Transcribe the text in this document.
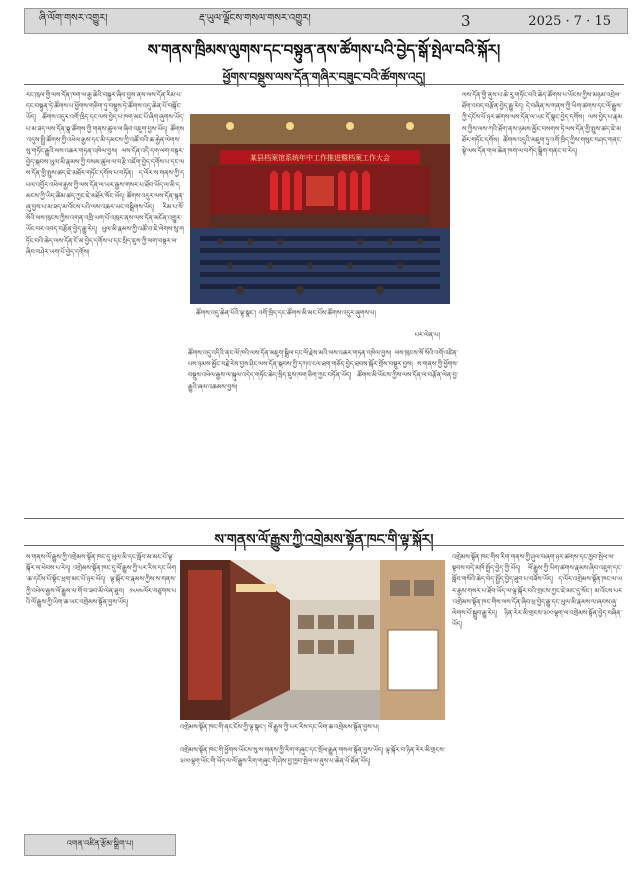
ཞི་ལོག་གསར་འགྱུར།	རྡ་ཡུལ་ལྗོངས་གསལ་གསར་འགྱུར།	3	2025 · 7 · 15
ས་གནས་ཁྲིམས་ལུགས་དང་བསྟུན་ནས་ཚོགས་པའི་བྱེད་སྒོ་སྤེལ་བའི་སྐོར།
ཕྱོགས་བསྡུས་ལས་དོན་གཞིར་བཟུང་བའི་ཚོགས་འདུ།
རང་ཁུལ་གྱི་ལས་དོན་ཁག་ལ་རྒྱ་ཆེའི་བསྐྱར་ཞིབ་བྱས་ནས་ལས་དོན་རིམ་པ་དང་བསྟུན་ཏེ་ཚོགས་པ་ཕྱོགས་གཅིག་ཏུ་བསྡུས་ཏེ་ཚོགས་འདུ་ཆེན་པོ་བསྐོང་ཡོད། ཚོགས་འདུར་འགོ་ཁྲིད་དང་ལས་བྱེད་པ་ཁག་མང་པོ་ཞིག་ཞུགས་ཡོད་པ་མ་ཟད་ལས་དོན་སྣ་ཚོགས་ཀྱི་གནས་ཚུལ་ལ་ཞིབ་འཇུག་བྱས་ཡོད། ཚོགས་འདུས་སྤྱི་ཚོགས་ཀྱི་འཕེལ་རྒྱས་དང་མི་དམངས་ཀྱི་འཚོ་བའི་ཆ་རྐྱེན་ལེགས་སུ་གཏོང་རྒྱུའི་ལས་འཆར་གཏན་འཁེལ་བྱས། ལས་དོན་འདི་དག་ལག་བསྟར་བྱེད་སྐབས་ཡུལ་མི་རྣམས་ཀྱི་བསམ་ཚུལ་ལ་བརྩི་འཇོག་བྱེད་དགོས་པ་དང་ལས་དོན་གྱི་སྤུས་ཚད་ཇེ་མཐོར་གཏོང་དགོས་པ་བཏོན། ད་ལོར་ས་གནས་ཀྱི་དཔལ་འབྱོར་འཕེལ་རྒྱས་ཀྱི་ལས་དོན་ལ་ཡར་རྒྱས་གསར་པ་ཐོབ་ཡོད་ལ་མི་དམངས་ཀྱི་ཡིད་ཚིམ་ཚད་ཀྱང་ཇེ་མཐོར་སོང་ཡོད། ཚོགས་འདུར་ལས་དོན་སྙན་ཞུ་བྱས་པ་མ་ཟད་མ་འོངས་པའི་ལས་འཆར་ཡང་བསྒྲིགས་ཡོད། རིམ་པ་སོ་སོའི་ལས་ཁུངས་ཀྱིས་འགན་འཁྲི་ཡག་པོ་འཁུར་ནས་ལས་དོན་མངོན་འགྱུར་ཡོང་བར་འབད་བརྩོན་བྱེད་རྒྱུ་རེད། ཡུལ་མི་རྣམས་ཀྱི་འཚོ་བ་ཇེ་ལེགས་སུ་གཏོང་བའི་ཆེད་ལས་དོན་ངོ་མ་བྱེད་དགོས་པ་དང་སྲིད་ཇུས་ཀྱི་ལག་བསྟར་ལ་ཞིབ་བཤེར་ཡག་པོ་བྱེད་དགོས།
某县档案馆系统年中工作推进暨档案工作大会
ཚོགས་འདུ་ཆེན་པོའི་ལྟ་སྣང་། འགོ་ཁྲིད་དང་ཚོགས་མི་མང་པོས་ཚོགས་འདུར་ཞུགས་པ།
པར་ལེན་པ།
ཚོགས་འདུ་འདིའི་ནང་ལོ་ཁའི་ལས་དོན་མཇུག་སྒྲིལ་དང་ལོ་རྗེས་མའི་ལས་འཆར་གཏན་འཁེལ་བྱས། ལས་ཁུངས་སོ་སོའི་འགོ་འཛིན་པས་ཉམས་མྱོང་བརྗེ་རེས་བྱས་ཤིང་ལས་དོན་སྐབས་ཀྱི་དཀའ་ངལ་ཐག་གཅོད་བྱེད་ཐབས་སྐོར་གྲོས་བསྡུར་བྱས། ས་གནས་ཀྱི་ཕྱོགས་བསྡུས་འཕེལ་རྒྱས་ལ་སྐུལ་འདེད་གཏོང་ཆེད་སྲིད་ཇུས་ཁག་ཅིག་ཀྱང་བཏོན་ཡོད། ཚོགས་མི་ཡོངས་ཀྱིས་ལས་དོན་ལ་བརྩོན་ལེན་བྱ་རྒྱུའི་ཞལ་འཆམས་བྱས།
ལས་དོན་གྱི་ནུས་པ་ཆེ་རུ་གཏོང་བའི་ཆེད་ཚོགས་པ་ཡོངས་ཀྱིས་མཉམ་འབྲེལ་ཐོག་འབད་བརྩོན་བྱེད་རྒྱུ་རེད། དེ་བཞིན་ས་གནས་ཀྱི་ཡིག་ཚགས་དང་ལོ་རྒྱུས་ཀྱི་དངོས་པོ་ཉར་ཚགས་ལས་དོན་ལ་ཡང་དོ་སྣང་བྱེད་དགོས། ལས་བྱེད་པ་རྣམས་ཀྱིས་ལས་ཀའི་ཐོག་ནས་ཉམས་མྱོང་བསགས་ཏེ་ལས་དོན་གྱི་སྤུས་ཚད་ཇེ་མཐོར་གཏོང་དགོས། ཚོགས་འདུའི་མཇུག་ཏུ་འགོ་ཁྲིད་ཀྱིས་གསུང་བཤད་གནང་སྟེ་ལས་དོན་གལ་ཆེན་ཁག་ལ་བཀོད་སྒྲིག་གནང་བ་རེད།
ས་གནས་ལོ་རྒྱུས་ཀྱི་འགྲེམས་སྟོན་ཁང་གི་ལྟ་སྐོར།
ས་གནས་ལོ་རྒྱུས་ཀྱི་འགྲེམས་སྟོན་ཁང་དུ་ཡུལ་མི་དང་སློབ་མ་མང་པོ་ལྟ་སྐོར་ལ་ཕེབས་པ་རེད། འགྲེམས་སྟོན་ཁང་དུ་ལོ་རྒྱུས་ཀྱི་པར་རིས་དང་ཡིག་ཆ་དངོས་པོ་སྟོང་ཕྲག་མང་པོ་ཉར་ཡོད། ལྟ་སྐོར་བ་རྣམས་ཀྱིས་ས་གནས་ཀྱི་འཕེལ་རྒྱས་ལོ་རྒྱུས་ལ་གོ་བ་ཟབ་མོ་ལེན་ཐུབ། ༡༨༥༤ལོར་བཙུགས་པའི་ལོ་རྒྱུས་ཀྱི་ཡིག་ཆ་ཡང་འགྲེམས་སྟོན་བྱས་ཡོད།
འགྲེམས་སྟོན་ཁང་གི་ནང་ངོས་ཀྱི་ལྟ་སྣང་། ལོ་རྒྱུས་ཀྱི་པར་རིས་དང་ཡིག་ཆ་འགྲེམས་སྟོན་བྱས་པ།
འགྲེམས་སྟོན་ཁང་གི་ཕྱོགས་ཡོངས་སུ་ས་གནས་ཀྱི་རིག་གཞུང་དང་སྲོལ་རྒྱུན་གསལ་སྟོན་བྱས་ཡོད། ལྟ་སྐོར་བ་ཉིན་རེར་མི་གྲངས་༣༠༠ལྷག་ཡོང་གི་ཡོད་ལ་ལོ་རྒྱུས་རིག་གཞུང་གི་ཤེས་བྱ་ཁྱབ་སྤེལ་ལ་ནུས་པ་ཆེན་པོ་ཐོན་ཡོད།
འགྲེམས་སྟོན་ཁང་གིས་རིག་གནས་ཀྱི་ཤུལ་བཞག་ཉར་ཚགས་དང་ཁྱབ་སྤེལ་ལ་སྟབས་བདེ་མཁོ་སྤྲོད་བྱེད་ཀྱི་ཡོད། ལོ་རྒྱུས་ཀྱི་ཡིག་ཚགས་རྣམས་ཞིབ་འཇུག་དང་སློབ་གསོའི་ཆེད་བེད་སྤྱོད་བྱེད་ཐུབ་པ་བཟོས་ཡོད། ད་ལོར་འགྲེམས་སྟོན་ཁང་ལ་ཡར་རྒྱས་གསར་པ་ཐོབ་ཡོད་ལ་ལྟ་སྐོར་བའི་གྲངས་ཀྱང་ཇེ་མང་དུ་སོང་། མ་འོངས་པར་འགྲེམས་སྟོན་ཁང་གིས་ལས་དོན་ཞིབ་ཕྲ་བྱེད་རྒྱུ་དང་ཡུལ་མི་རྣམས་ལ་ཞབས་ཞུ་ལེགས་པོ་སྒྲུབ་རྒྱུ་རེད། ཉིན་རེར་མི་གྲངས་༣༠༠ལྷག་ལ་འགྲེམས་སྟོན་བྱེད་བཞིན་ཡོད།
འགན་འཛིན་རྩོམ་སྒྲིག་པ།
